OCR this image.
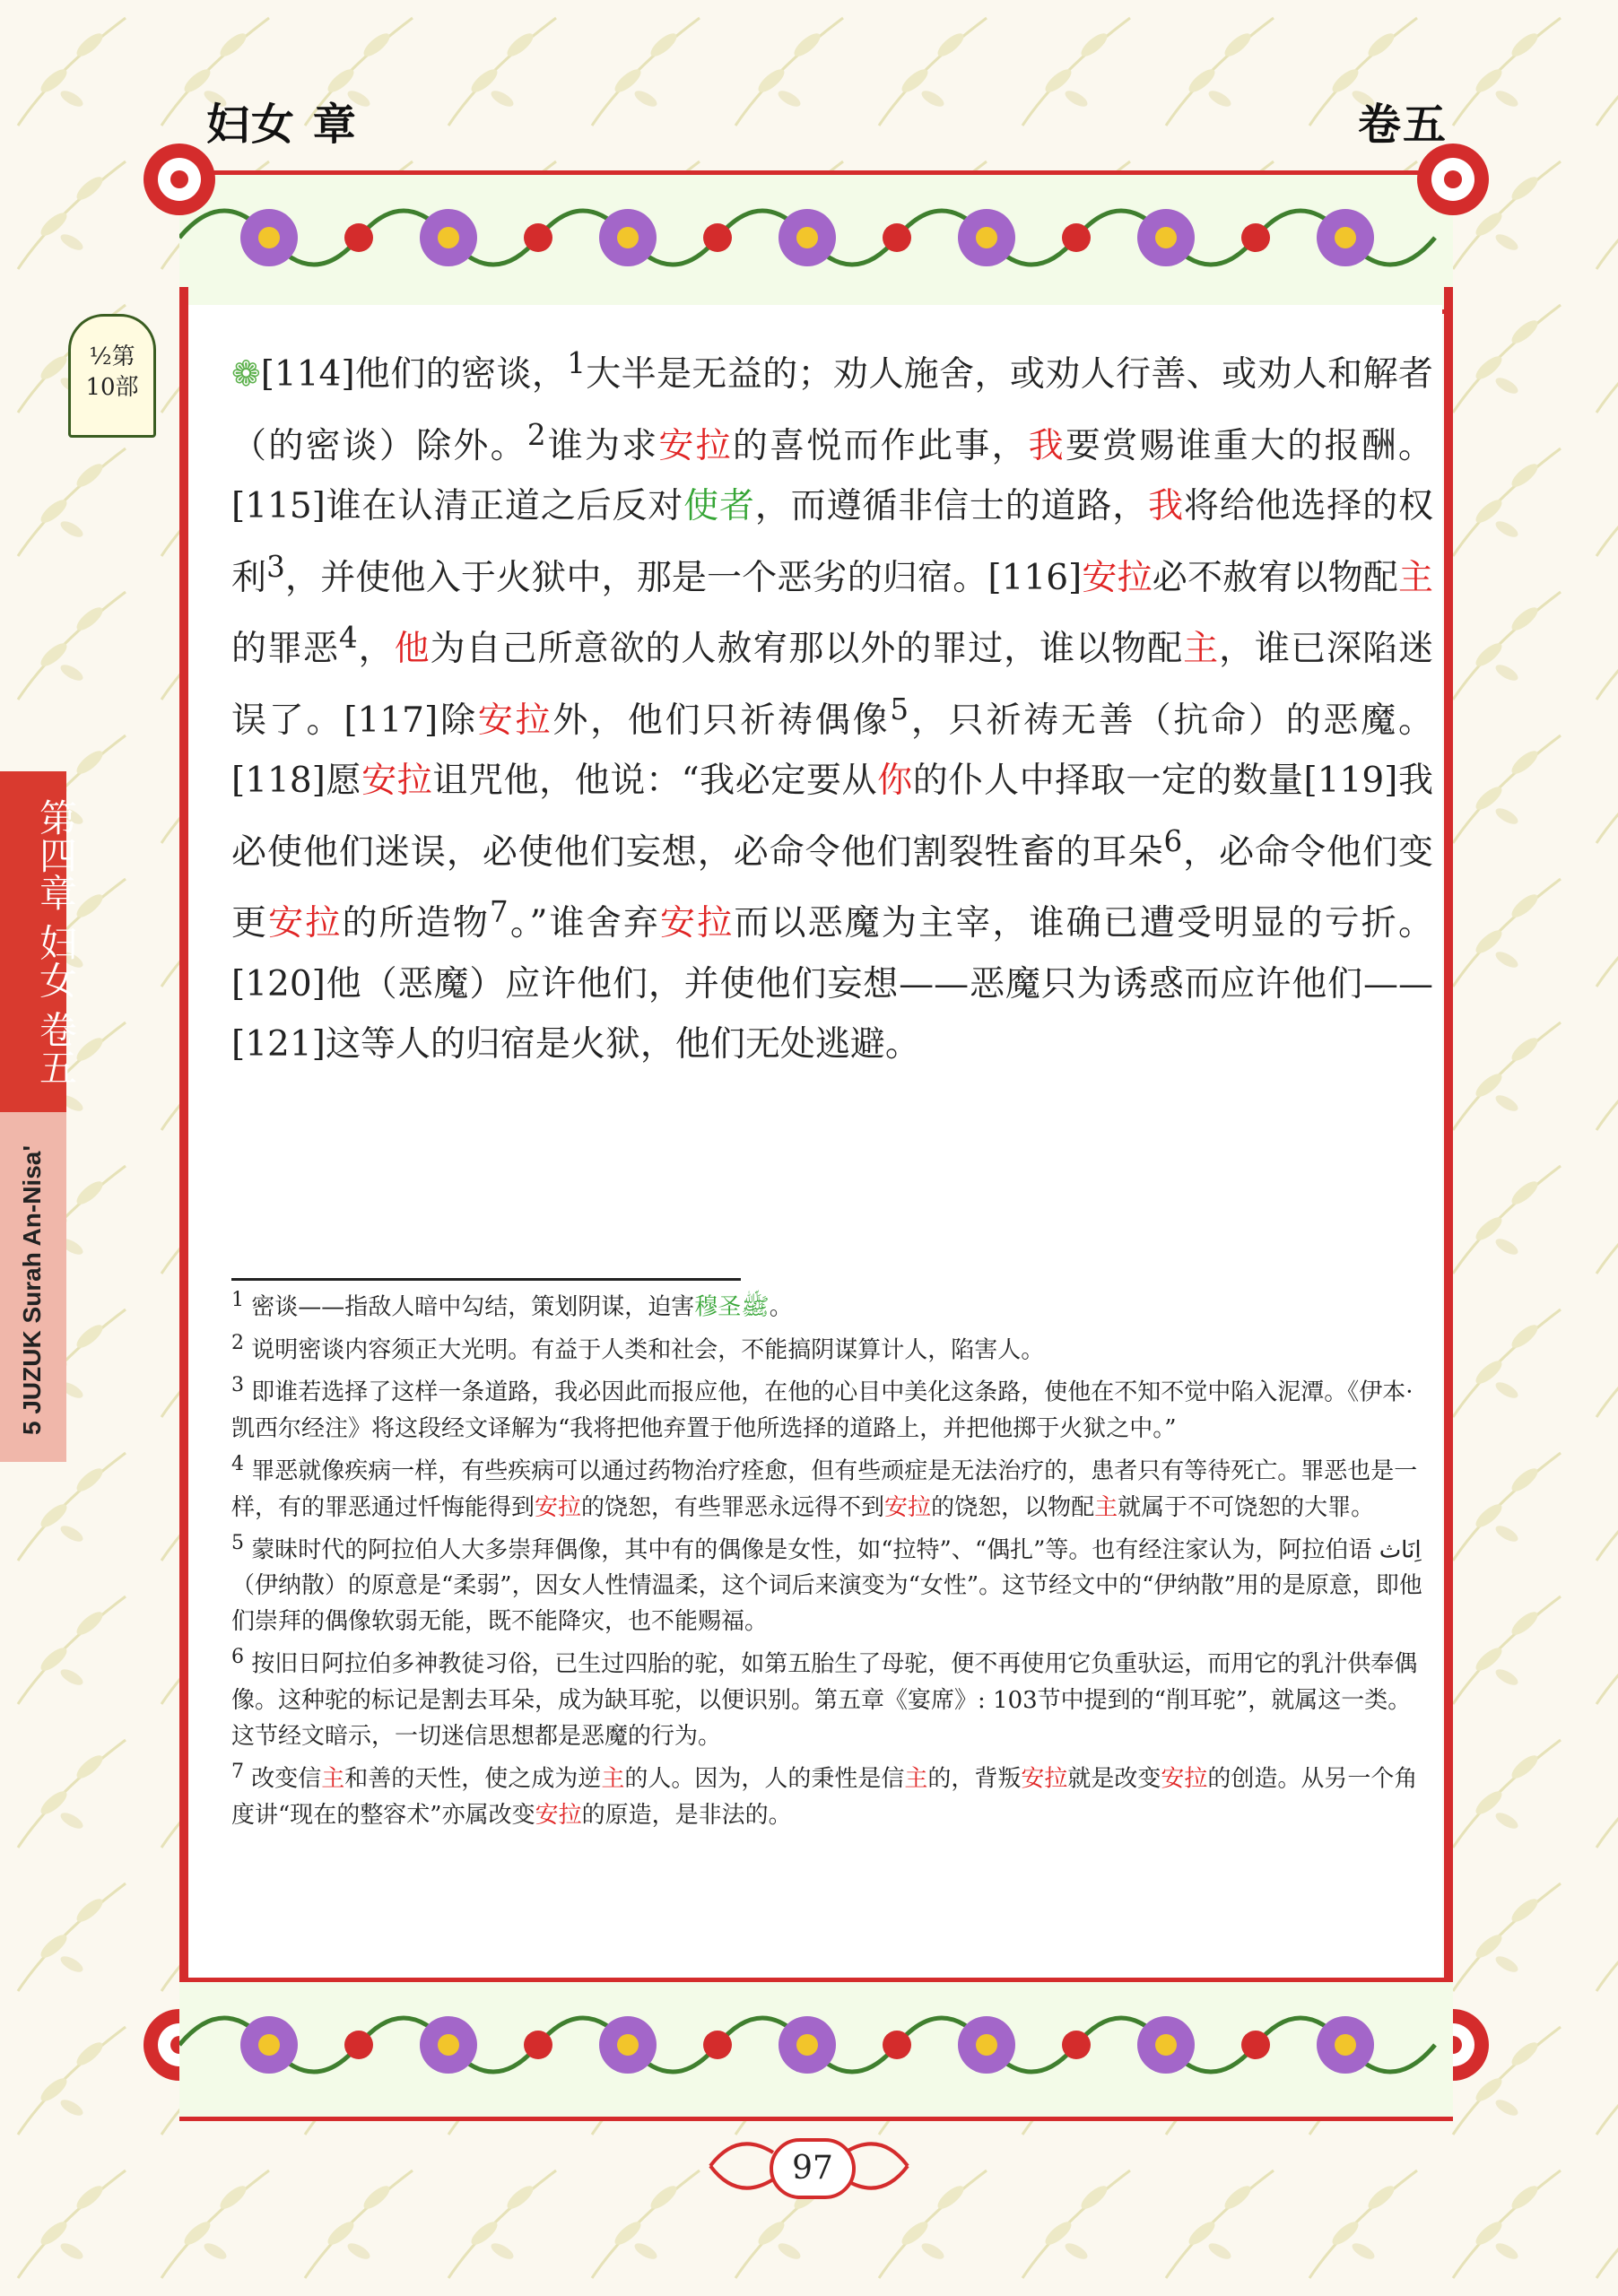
妇女 章	卷五
½第
10部
第四章 妇女 卷五
5 JUZUK Surah An-Nisa'
❁[114]他们的密谈，$^1$大半是无益的；劝人施舍，或劝人行善、或劝人和解者（的密谈）除外。$^2$谁为求安拉的喜悦而作此事，我要赏赐谁重大的报酬。[115]谁在认清正道之后反对使者，而遵循非信士的道路，我将给他选择的权利$^3$，并使他入于火狱中，那是一个恶劣的归宿。[116]安拉必不赦宥以物配主的罪恶$^4$，他为自己所意欲的人赦宥那以外的罪过，谁以物配主，谁已深陷迷误了。[117]除安拉外，他们只祈祷偶像$^5$，只祈祷无善（抗命）的恶魔。[118]愿安拉诅咒他，他说：“我必定要从你的仆人中择取一定的数量[119]我必使他们迷误，必使他们妄想，必命令他们割裂牲畜的耳朵$^6$，必命令他们变更安拉的所造物$^7$。”谁舍弃安拉而以恶魔为主宰，谁确已遭受明显的亏折。[120]他（恶魔）应许他们，并使他们妄想——恶魔只为诱惑而应许他们——[121]这等人的归宿是火狱，他们无处逃避。

$^1$ 密谈——指敌人暗中勾结，策划阴谋，迫害穆圣ﷺ。

$^2$ 说明密谈内容须正大光明。有益于人类和社会，不能搞阴谋算计人，陷害人。

$^3$ 即谁若选择了这样一条道路，我必因此而报应他，在他的心目中美化这条路，使他在不知不觉中陷入泥潭。《伊本·凯西尔经注》将这段经文译解为“我将把他弃置于他所选择的道路上，并把他掷于火狱之中。”

$^4$ 罪恶就像疾病一样，有些疾病可以通过药物治疗痊愈，但有些顽症是无法治疗的，患者只有等待死亡。罪恶也是一样，有的罪恶通过忏悔能得到安拉的饶恕，有些罪恶永远得不到安拉的饶恕，以物配主就属于不可饶恕的大罪。

$^5$ 蒙昧时代的阿拉伯人大多崇拜偶像，其中有的偶像是女性，如“拉特”、“偶扎”等。也有经注家认为，阿拉伯语 اِنَاث（伊纳散）的原意是“柔弱”，因女人性情温柔，这个词后来演变为“女性”。这节经文中的“伊纳散”用的是原意，即他们崇拜的偶像软弱无能，既不能降灾，也不能赐福。

$^6$ 按旧日阿拉伯多神教徒习俗，已生过四胎的驼，如第五胎生了母驼，便不再使用它负重驮运，而用它的乳汁供奉偶像。这种驼的标记是割去耳朵，成为缺耳驼，以便识别。第五章《宴席》: 103节中提到的“削耳驼”，就属这一类。这节经文暗示，一切迷信思想都是恶魔的行为。

$^7$ 改变信主和善的天性，使之成为逆主的人。因为，人的秉性是信主的，背叛安拉就是改变安拉的创造。从另一个角度讲“现在的整容术”亦属改变安拉的原造，是非法的。

97
